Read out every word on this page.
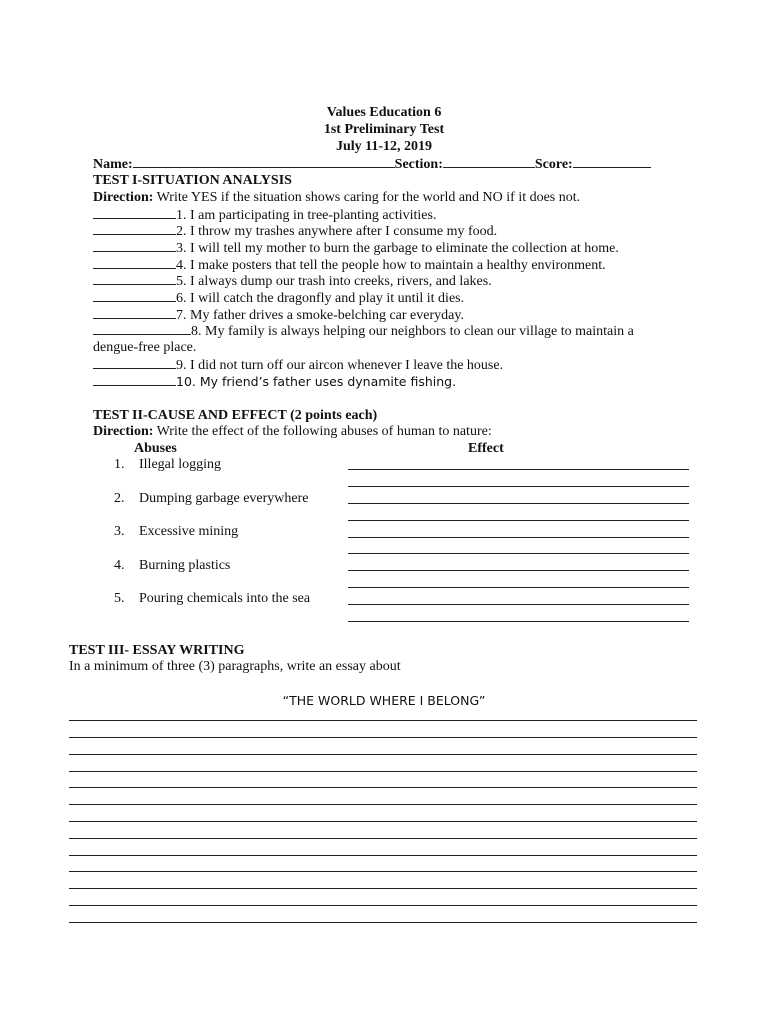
Values Education 6
1st Preliminary Test
July 11-12, 2019
Name:	Section:	Score:
TEST I-SITUATION ANALYSIS
Direction: Write YES if the situation shows caring for the world and NO if it does not.
1. I am participating in tree-planting activities.
2. I throw my trashes anywhere after I consume my food.
3. I will tell my mother to burn the garbage to eliminate the collection at home.
4. I make posters that tell the people how to maintain a healthy environment.
5. I always dump our trash into creeks, rivers, and lakes.
6. I will catch the dragonfly and play it until it dies.
7. My father drives a smoke-belching car everyday.
8. My family is always helping our neighbors to clean our village to maintain a
dengue-free place.
9. I did not turn off our aircon whenever I leave the house.
10. My friend’s father uses dynamite fishing.
TEST II-CAUSE AND EFFECT (2 points each)
Direction: Write the effect of the following abuses of human to nature:
Abuses	Effect
1. Illegal logging
2. Dumping garbage everywhere
3. Excessive mining
4. Burning plastics
5. Pouring chemicals into the sea
TEST III- ESSAY WRITING
In a minimum of three (3) paragraphs, write an essay about
“THE WORLD WHERE I BELONG”
